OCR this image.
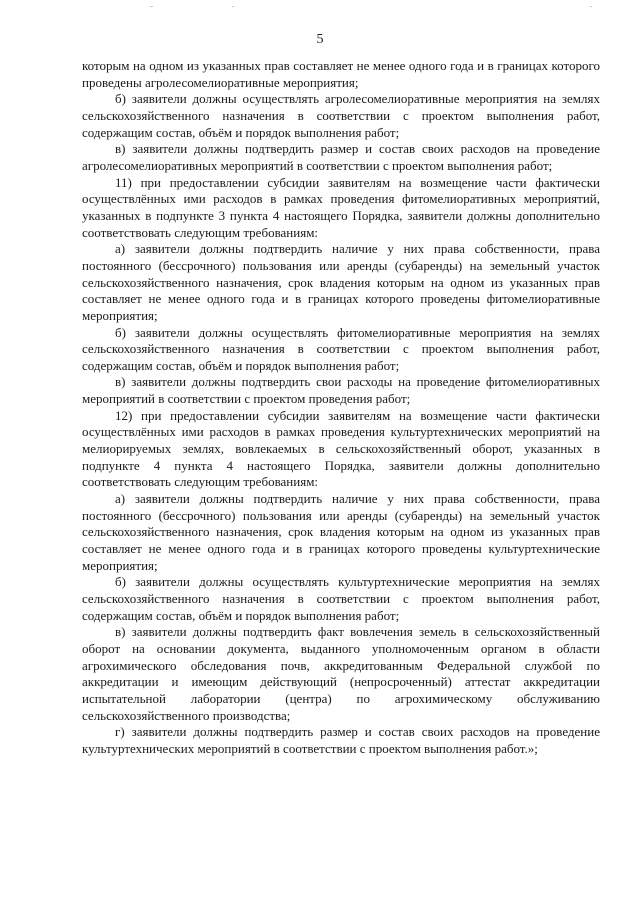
5

которым на одном из указанных прав составляет не менее одного года и в границах которого проведены агролесомелиоративные мероприятия;

б) заявители должны осуществлять агролесомелиоративные мероприятия на землях сельскохозяйственного назначения в соответствии с проектом выполнения работ, содержащим состав, объём и порядок выполнения работ;

в) заявители должны подтвердить размер и состав своих расходов на проведение агролесомелиоративных мероприятий в соответствии с проектом выполнения работ;

11) при предоставлении субсидии заявителям на возмещение части фактически осуществлённых ими расходов в рамках проведения фитомелиоративных мероприятий, указанных в подпункте 3 пункта 4 настоящего Порядка, заявители должны дополнительно соответствовать следующим требованиям:

а) заявители должны подтвердить наличие у них права собственности, права постоянного (бессрочного) пользования или аренды (субаренды) на земельный участок сельскохозяйственного назначения, срок владения которым на одном из указанных прав составляет не менее одного года и в границах которого проведены фитомелиоративные мероприятия;

б) заявители должны осуществлять фитомелиоративные мероприятия на землях сельскохозяйственного назначения в соответствии с проектом выполнения работ, содержащим состав, объём и порядок выполнения работ;

в) заявители должны подтвердить свои расходы на проведение фитомелиоративных мероприятий в соответствии с проектом проведения работ;

12) при предоставлении субсидии заявителям на возмещение части фактически осуществлённых ими расходов в рамках проведения культуртехнических мероприятий на мелиорируемых землях, вовлекаемых в сельскохозяйственный оборот, указанных в подпункте 4 пункта 4 настоящего Порядка, заявители должны дополнительно соответствовать следующим требованиям:

а) заявители должны подтвердить наличие у них права собственности, права постоянного (бессрочного) пользования или аренды (субаренды) на земельный участок сельскохозяйственного назначения, срок владения которым на одном из указанных прав составляет не менее одного года и в границах которого проведены культуртехнические мероприятия;

б) заявители должны осуществлять культуртехнические мероприятия на землях сельскохозяйственного назначения в соответствии с проектом выполнения работ, содержащим состав, объём и порядок выполнения работ;

в) заявители должны подтвердить факт вовлечения земель в сельскохозяйственный оборот на основании документа, выданного уполномоченным органом в области агрохимического обследования почв, аккредитованным Федеральной службой по аккредитации и имеющим действующий (непросроченный) аттестат аккредитации испытательной лаборатории (центра) по агрохимическому обслуживанию сельскохозяйственного производства;

г) заявители должны подтвердить размер и состав своих расходов на проведение культуртехнических мероприятий в соответствии с проектом выполнения работ.»;
